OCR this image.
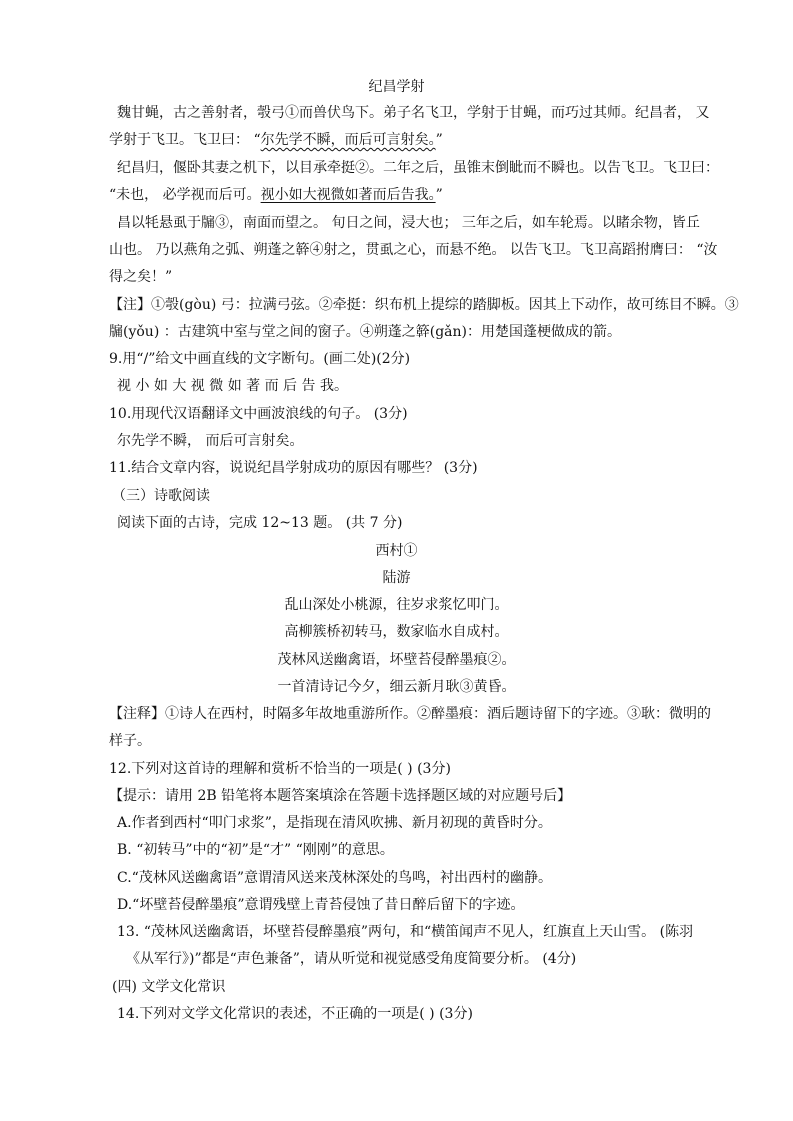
纪昌学射
魏甘蝇，古之善射者，彀弓①而兽伏鸟下。弟子名飞卫，学射于甘蝇，而巧过其师。纪昌者， 又
学射于飞卫。飞卫曰： “尔先学不瞬，而后可言射矣。”
纪昌归，偃卧其妻之机下，以目承牵挺②。二年之后，虽锥末倒眦而不瞬也。以告飞卫。飞卫曰：
“未也， 必学视而后可。视小如大视微如著而后告我。”
昌以牦悬虱于牖③，南面而望之。 旬日之间，浸大也； 三年之后，如车轮焉。以睹余物，皆丘
山也。 乃以燕角之弧、朔蓬之簳④射之，贯虱之心，而悬不绝。 以告飞卫。飞卫高蹈拊膺曰： “汝
得之矣！”
【注】①彀(gòu) 弓：拉满弓弦。②牵挺：织布机上提综的踏脚板。因其上下动作，故可练目不瞬。③
牖(yǒu) ：古建筑中室与堂之间的窗子。④朔蓬之簳(gǎn)：用楚国蓬梗做成的箭。
9.用“/”给文中画直线的文字断句。(画二处)(2分)
视 小 如 大 视 微 如 著 而 后 告 我。
10.用现代汉语翻译文中画波浪线的句子。 (3分)
尔先学不瞬， 而后可言射矣。
11.结合文章内容，说说纪昌学射成功的原因有哪些？ (3分)
（三）诗歌阅读
阅读下面的古诗，完成 12~13 题。 (共 7 分)
西村①
陆游
乱山深处小桃源，往岁求浆忆叩门。
高柳簇桥初转马，数家临水自成村。
茂林风送幽禽语，坏壁苔侵醉墨痕②。
一首清诗记今夕，细云新月耿③黄昏。
【注释】①诗人在西村，时隔多年故地重游所作。②醉墨痕：酒后题诗留下的字迹。③耿：微明的
样子。
12.下列对这首诗的理解和赏析不恰当的一项是( ) (3分)
【提示：请用 2B 铅笔将本题答案填涂在答题卡选择题区域的对应题号后】
A.作者到西村“叩门求浆”，是指现在清风吹拂、新月初现的黄昏时分。
B. “初转马”中的“初”是“才” “刚刚”的意思。
C.“茂林风送幽禽语”意谓清风送来茂林深处的鸟鸣，衬出西村的幽静。
D.“坏壁苔侵醉墨痕”意谓残壁上青苔侵蚀了昔日醉后留下的字迹。
13. “茂林风送幽禽语，坏壁苔侵醉墨痕”两句，和“横笛闻声不见人，红旗直上天山雪。 (陈羽
《从军行》)”都是“声色兼备”，请从听觉和视觉感受角度简要分析。 (4分)
(四) 文学文化常识
14.下列对文学文化常识的表述，不正确的一项是( ) (3分)
